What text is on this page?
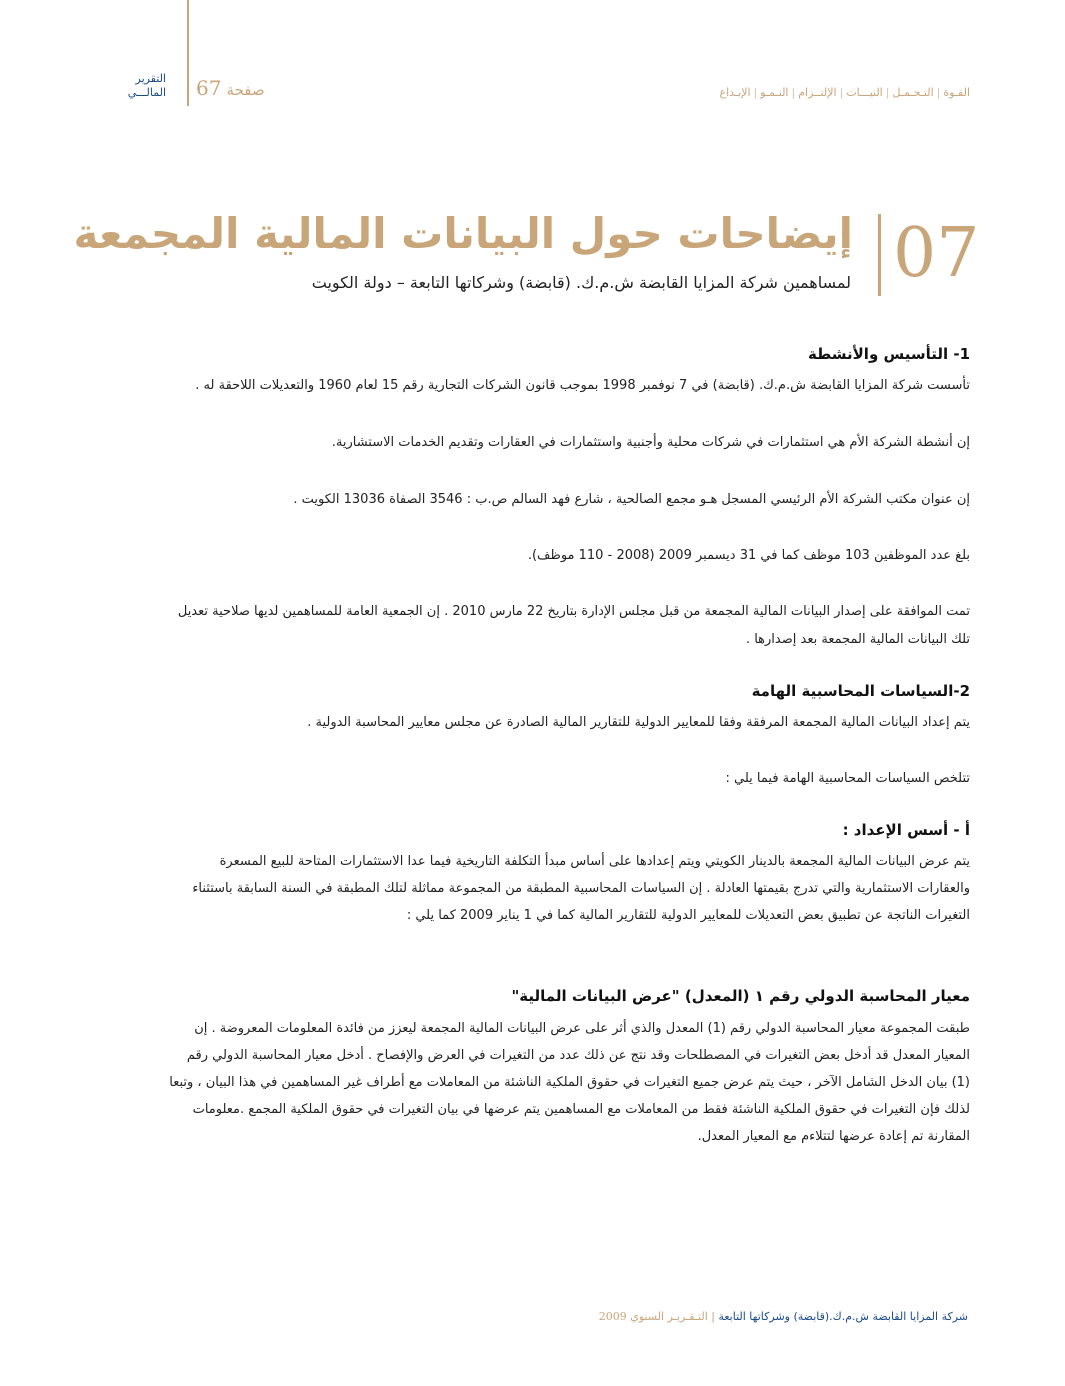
التقرير
المالـــي 67 صفحة	القـوة|التـحـمـل|النيـــات|الإلتــزام|النـمـو|الإبـداع
07
إيضاحات حول البيانات المالية المجمعة
لمساهمين شركة المزايا القابضة ش.م.ك. (قابضة) وشركاتها التابعة – دولة الكويت
1- التأسيس والأنشطة
تأسست شركة المزايا القابضة ش.م.ك. (قابضة) في 7 نوفمبر 1998 بموجب قانون الشركات التجارية رقم 15 لعام 1960 والتعديلات اللاحقة له .
إن أنشطة الشركة الأم هي استثمارات في شركات محلية وأجنبية واستثمارات في العقارات وتقديم الخدمات الاستشارية.
إن عنوان مكتب الشركة الأم الرئيسي المسجل هـو مجمع الصالحية ، شارع فهد السالم ص.ب : 3546 الصفاة 13036 الكويت .
بلغ عدد الموظفين 103 موظف كما في 31 ديسمبر 2009 (2008 - 110 موظف).
تمت الموافقة على إصدار البيانات المالية المجمعة من قبل مجلس الإدارة بتاريخ 22 مارس 2010 . إن الجمعية العامة للمساهمين لديها صلاحية تعديل
تلك البيانات المالية المجمعة بعد إصدارها .
2-السياسات المحاسبية الهامة
يتم إعداد البيانات المالية المجمعة المرفقة وفقا للمعايير الدولية للتقارير المالية الصادرة عن مجلس معايير المحاسبة الدولية .
تتلخص السياسات المحاسبية الهامة فيما يلي :
أ - أسس الإعداد :
يتم عرض البيانات المالية المجمعة بالدينار الكويتي ويتم إعدادها على أساس مبدأ التكلفة التاريخية فيما عدا الاستثمارات المتاحة للبيع المسعرة
والعقارات الاستثمارية والتي تدرج بقيمتها العادلة . إن السياسات المحاسبية المطبقة من المجموعة مماثلة لتلك المطبقة في السنة السابقة باستثناء
التغيرات الناتجة عن تطبيق بعض التعديلات للمعايير الدولية للتقارير المالية كما في 1 يناير 2009 كما يلي :
معيار المحاسبة الدولي رقم ١ (المعدل) "عرض البيانات المالية"
طبقت المجموعة معيار المحاسبة الدولي رقم (1) المعدل والذي أثر على عرض البيانات المالية المجمعة ليعزز من فائدة المعلومات المعروضة . إن
المعيار المعدل قد أدخل بعض التغيرات في المصطلحات وقد نتج عن ذلك عدد من التغيرات في العرض والإفصاح . أدخل معيار المحاسبة الدولي رقم
(1) بيان الدخل الشامل الآخر ، حيث يتم عرض جميع التغيرات في حقوق الملكية الناشئة من المعاملات مع أطراف غير المساهمين في هذا البيان ، وتبعا
لذلك فإن التغيرات في حقوق الملكية الناشئة فقط من المعاملات مع المساهمين يتم عرضها في بيان التغيرات في حقوق الملكية المجمع .معلومات
المقارنة تم إعادة عرضها لتتلاءم مع المعيار المعدل.
شركة المزايا القابضة ش.م.ك.(قابضة) وشركاتها التابعة | التـقـريـر السنوي 2009
